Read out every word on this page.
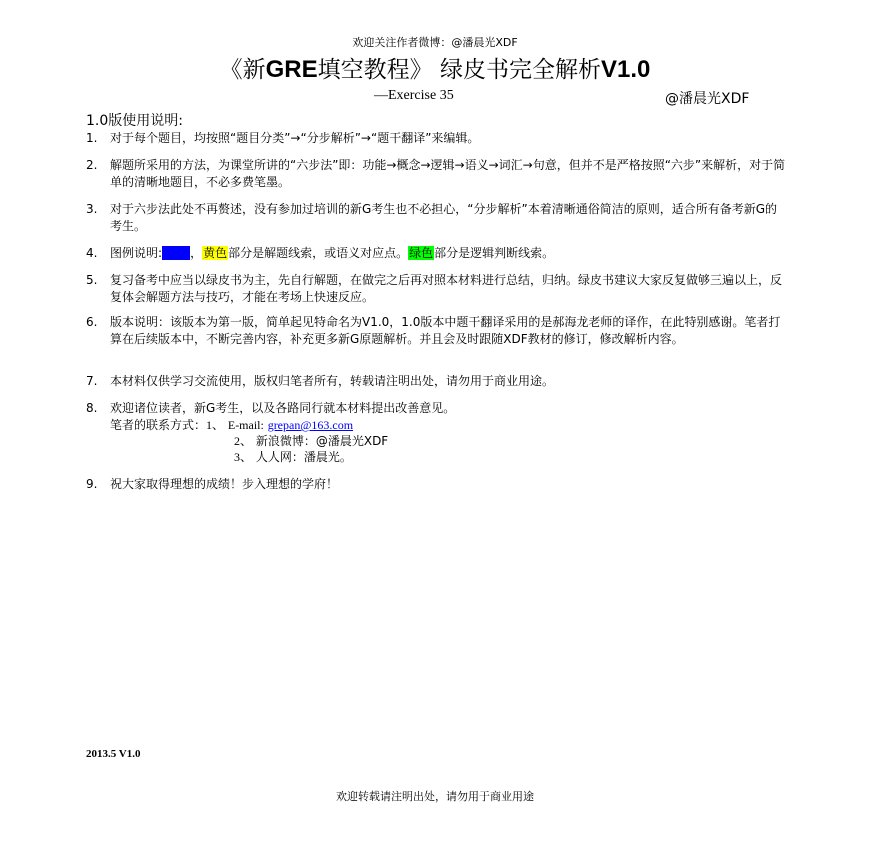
欢迎关注作者微博：@潘晨光XDF
《新GRE填空教程》 绿皮书完全解析V1.0
—Exercise 35	@潘晨光XDF
1.0版使用说明:
1.	对于每个题目，均按照“题目分类”→“分步解析”→“题干翻译”来编辑。
2.	解题所采用的方法，为课堂所讲的“六步法”即：功能→概念→逻辑→语义→词汇→句意，但并不是严格按照“六步”来解析，对于简单的清晰地题目，不必多费笔墨。
3.	对于六步法此处不再赘述，没有参加过培训的新G考生也不必担心，“分步解析”本着清晰通俗简洁的原则，适合所有备考新G的考生。
4.	图例说明: 蓝色 ，黄色部分是解题线索，或语义对应点。绿色部分是逻辑判断线索。
5.	复习备考中应当以绿皮书为主，先自行解题，在做完之后再对照本材料进行总结，归纳。绿皮书建议大家反复做够三遍以上，反复体会解题方法与技巧，才能在考场上快速反应。
6.	版本说明：该版本为第一版，简单起见特命名为V1.0，1.0版本中题干翻译采用的是郝海龙老师的译作，在此特别感谢。笔者打算在后续版本中，不断完善内容，补充更多新G原题解析。并且会及时跟随XDF教材的修订，修改解析内容。
7.	本材料仅供学习交流使用，版权归笔者所有，转载请注明出处，请勿用于商业用途。
8.	欢迎诸位读者，新G考生，以及各路同行就本材料提出改善意见。
笔者的联系方式：1、 E-mail: grepan@163.com
2、 新浪微博：@潘晨光XDF
3、 人人网：潘晨光。
9.	祝大家取得理想的成绩！步入理想的学府！
2013.5 V1.0
欢迎转载请注明出处，请勿用于商业用途
